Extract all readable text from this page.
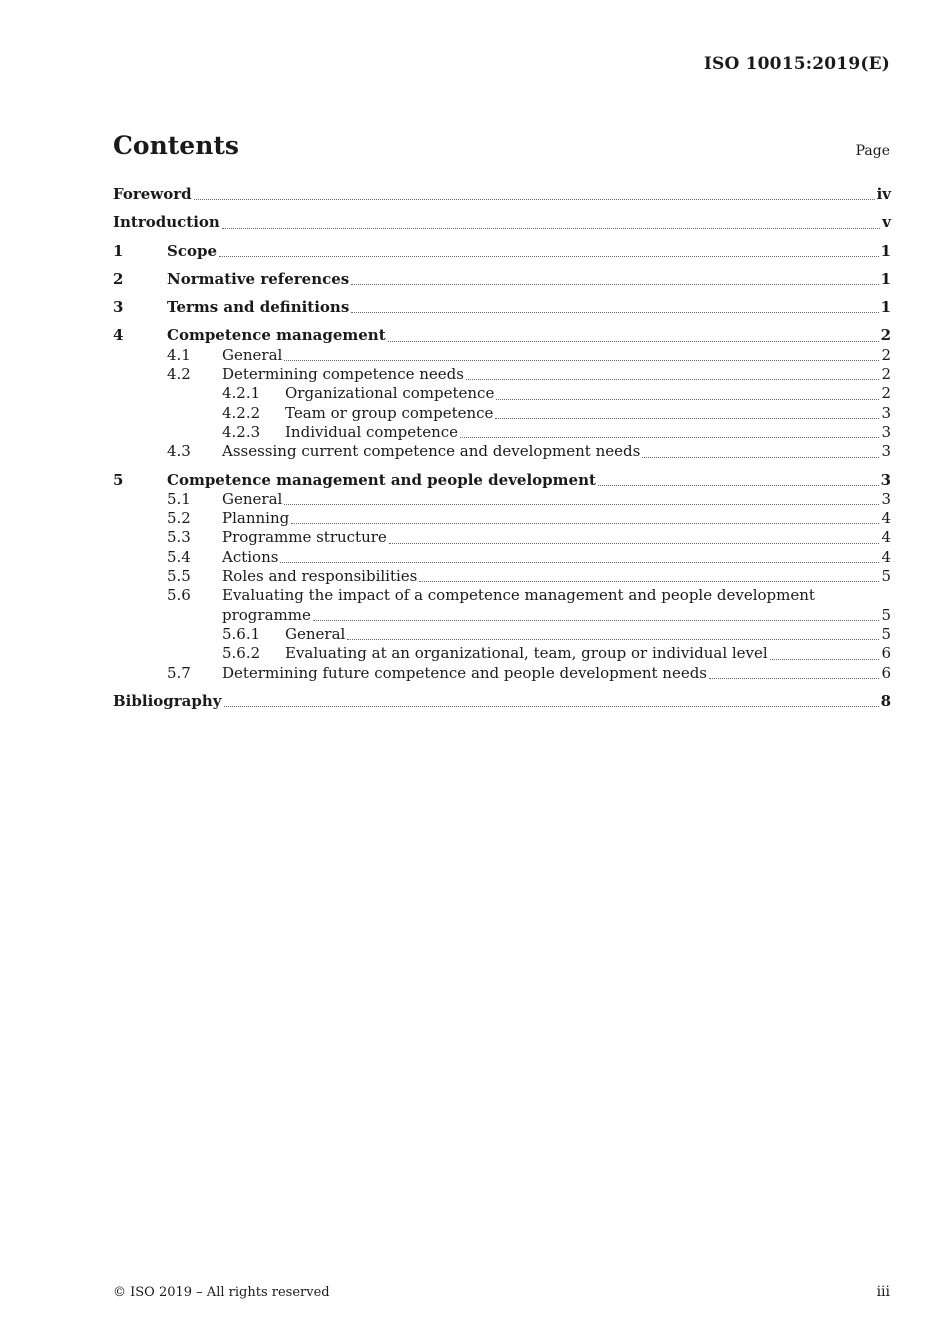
ISO 10015:2019(E)
Contents	Page
Foreword	iv
Introduction	v
1	Scope	1
2	Normative references	1
3	Terms and definitions	1
4	Competence management	2
4.1 General	2
4.2 Determining competence needs	2
4.2.1 Organizational competence	2
4.2.2 Team or group competence	3
4.2.3 Individual competence	3
4.3 Assessing current competence and development needs	3
5	Competence management and people development	3
5.1 General	3
5.2 Planning	4
5.3 Programme structure	4
5.4 Actions	4
5.5 Roles and responsibilities	5
5.6 Evaluating the impact of a competence management and people development
programme	5
5.6.1 General	5
5.6.2 Evaluating at an organizational, team, group or individual level	6
5.7 Determining future competence and people development needs	6
Bibliography	8
© ISO 2019 – All rights reserved	iii
